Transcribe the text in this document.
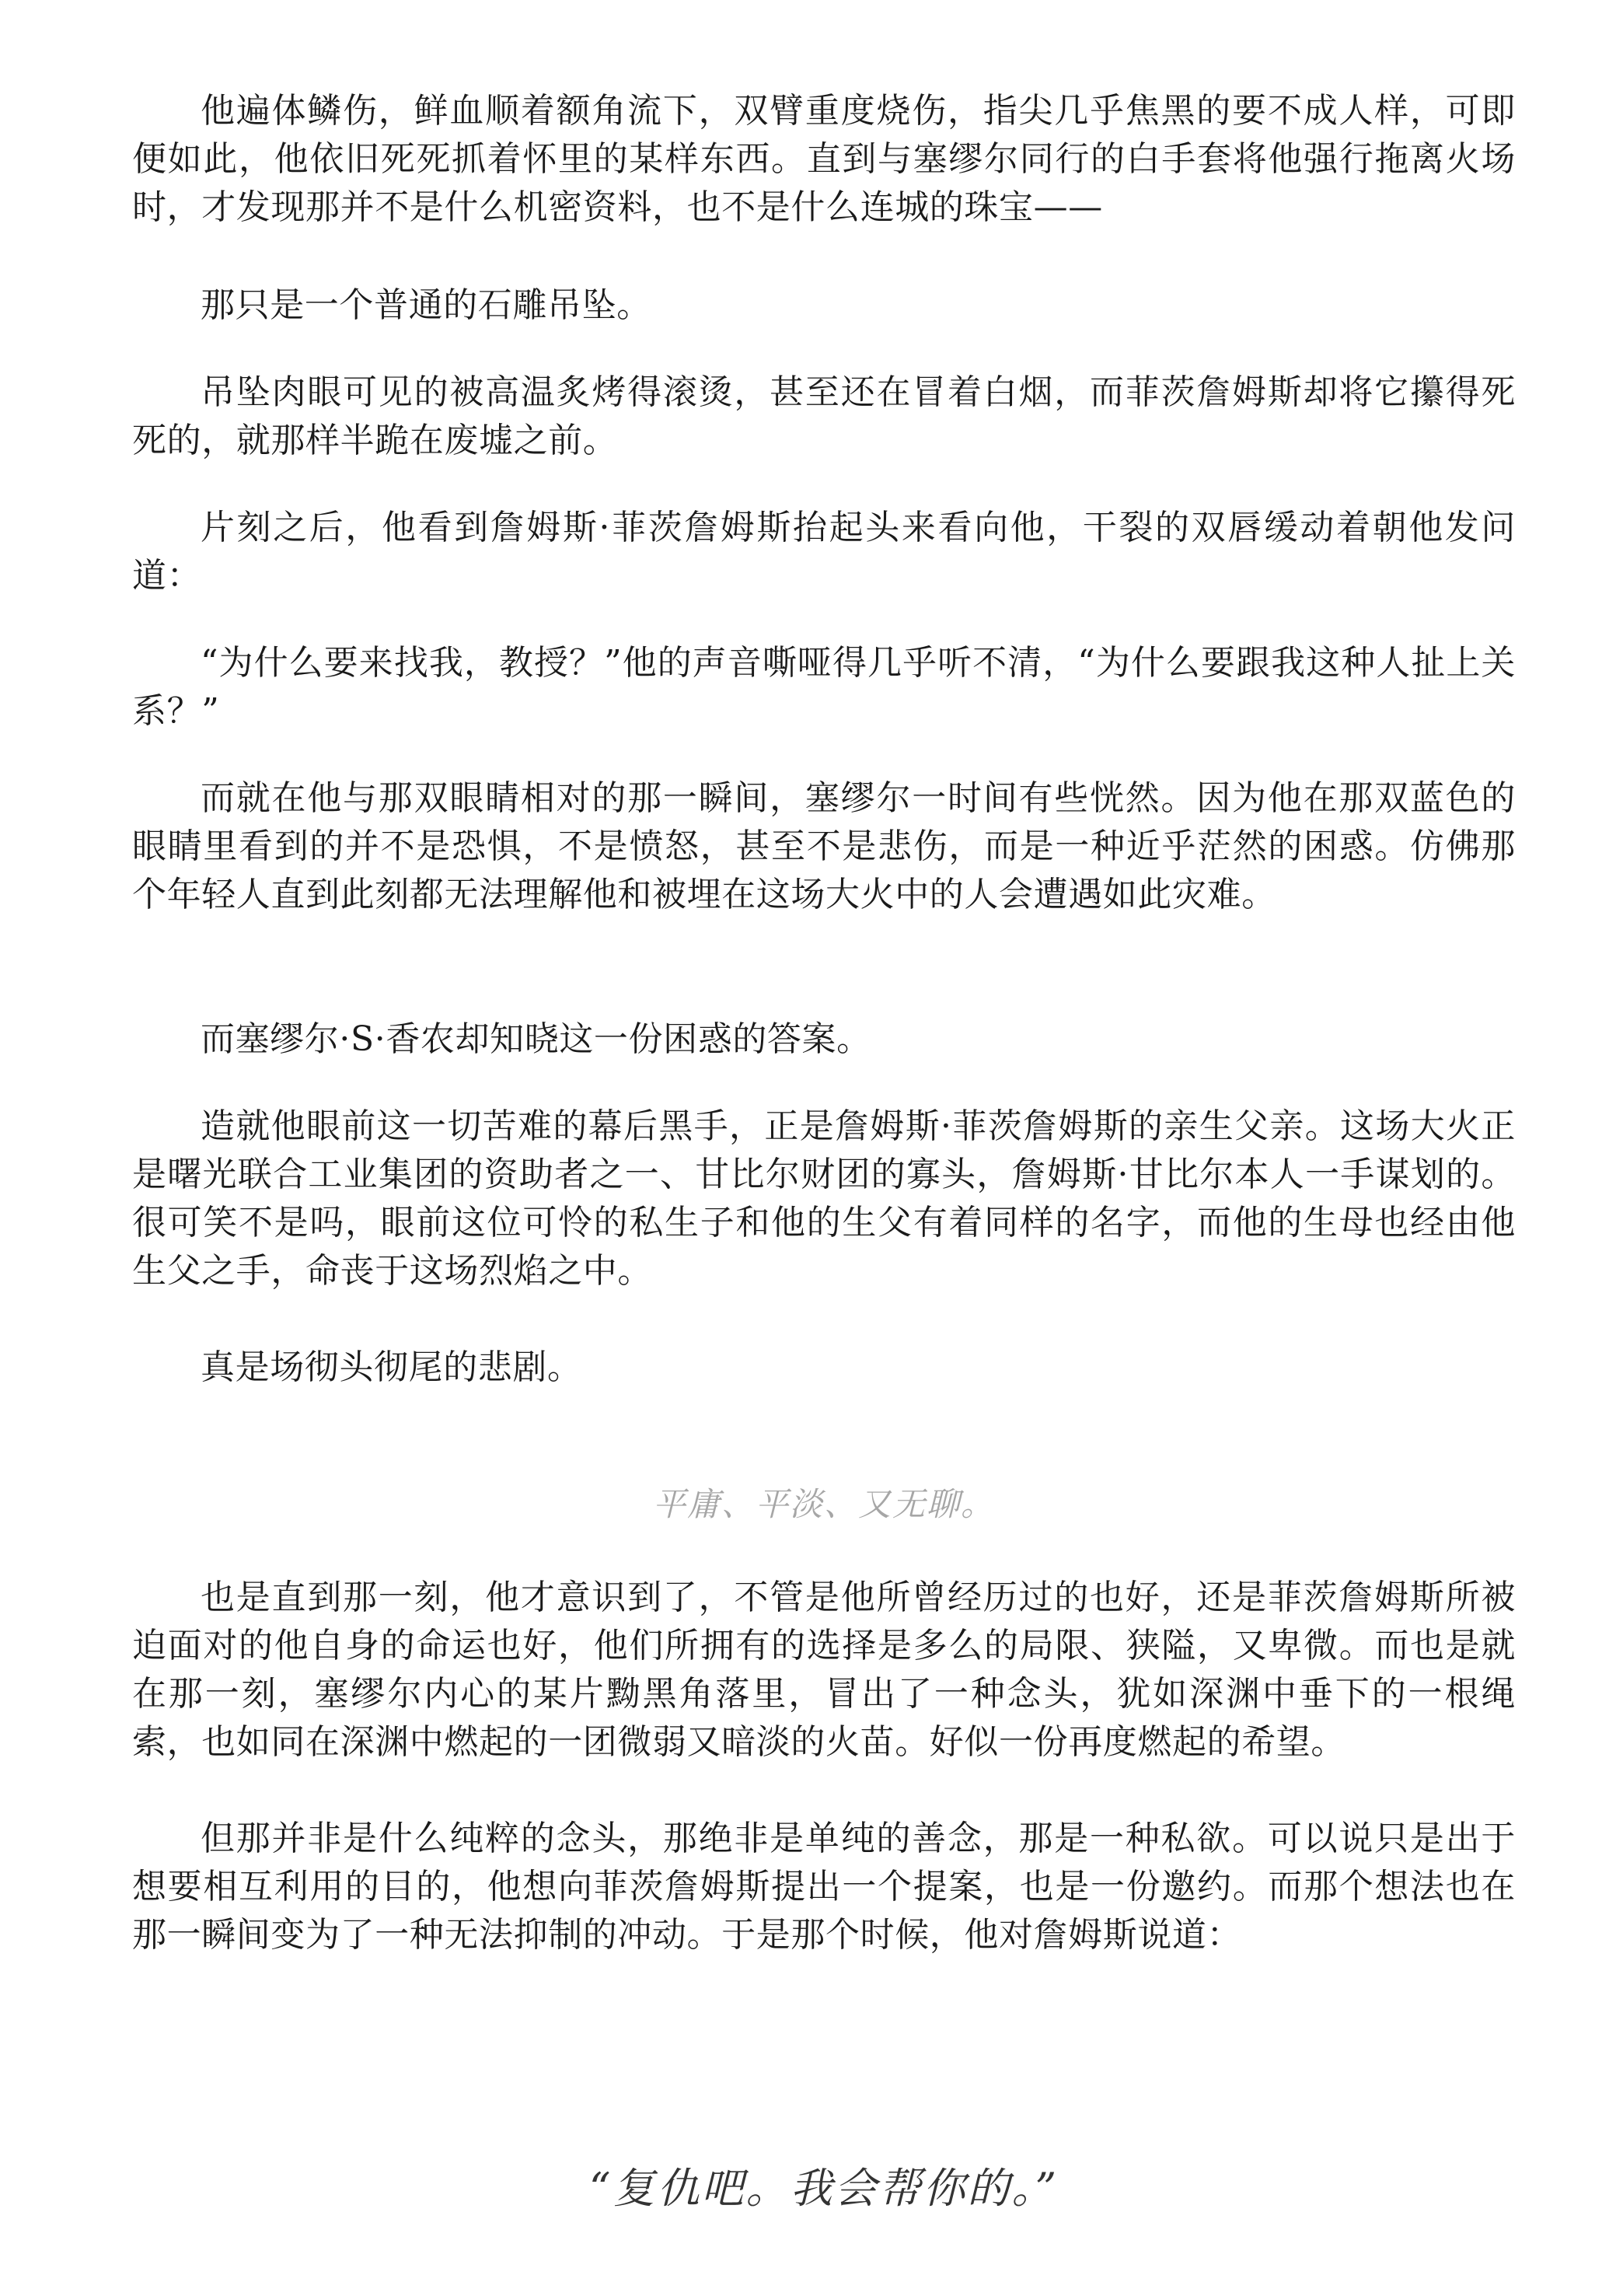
他遍体鳞伤，鲜血顺着额角流下，双臂重度烧伤，指尖几乎焦黑的要不成人样，可即便如此，他依旧死死抓着怀里的某样东西。直到与塞缪尔同行的白手套将他强行拖离火场时，才发现那并不是什么机密资料，也不是什么连城的珠宝——

那只是一个普通的石雕吊坠。

吊坠肉眼可见的被高温炙烤得滚烫，甚至还在冒着白烟，而菲茨詹姆斯却将它攥得死死的，就那样半跪在废墟之前。

片刻之后，他看到詹姆斯·菲茨詹姆斯抬起头来看向他，干裂的双唇缓动着朝他发问道：

“为什么要来找我，教授？”他的声音嘶哑得几乎听不清，“为什么要跟我这种人扯上关系？”

而就在他与那双眼睛相对的那一瞬间，塞缪尔一时间有些恍然。因为他在那双蓝色的眼睛里看到的并不是恐惧，不是愤怒，甚至不是悲伤，而是一种近乎茫然的困惑。仿佛那个年轻人直到此刻都无法理解他和被埋在这场大火中的人会遭遇如此灾难。

而塞缪尔·S·香农却知晓这一份困惑的答案。

造就他眼前这一切苦难的幕后黑手，正是詹姆斯·菲茨詹姆斯的亲生父亲。这场大火正是曙光联合工业集团的资助者之一、甘比尔财团的寡头，詹姆斯·甘比尔本人一手谋划的。很可笑不是吗，眼前这位可怜的私生子和他的生父有着同样的名字，而他的生母也经由他生父之手，命丧于这场烈焰之中。

真是场彻头彻尾的悲剧。

平庸、平淡、又无聊。

也是直到那一刻，他才意识到了，不管是他所曾经历过的也好，还是菲茨詹姆斯所被迫面对的他自身的命运也好，他们所拥有的选择是多么的局限、狭隘，又卑微。而也是就在那一刻，塞缪尔内心的某片黝黑角落里，冒出了一种念头，犹如深渊中垂下的一根绳索，也如同在深渊中燃起的一团微弱又暗淡的火苗。好似一份再度燃起的希望。

但那并非是什么纯粹的念头，那绝非是单纯的善念，那是一种私欲。可以说只是出于想要相互利用的目的，他想向菲茨詹姆斯提出一个提案，也是一份邀约。而那个想法也在那一瞬间变为了一种无法抑制的冲动。于是那个时候，他对詹姆斯说道：

“复仇吧。我会帮你的。”
